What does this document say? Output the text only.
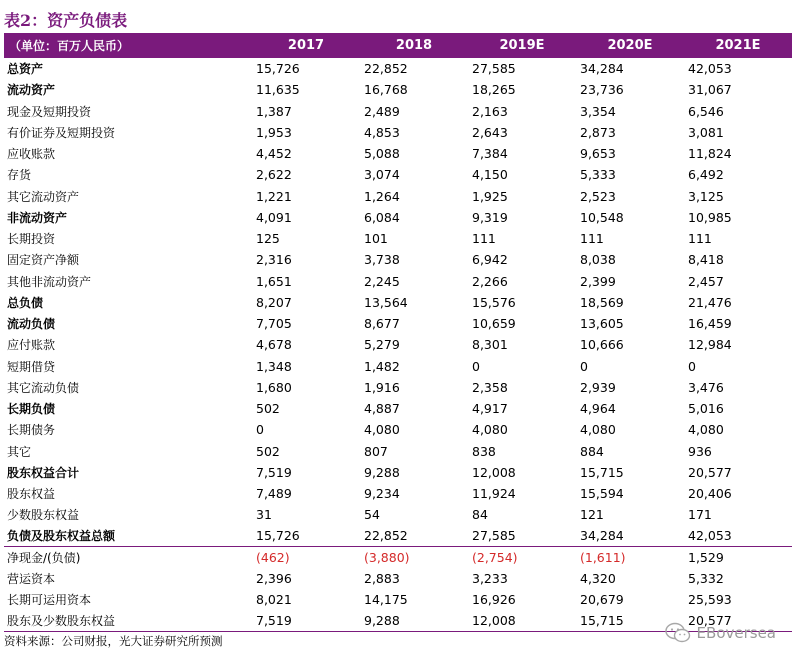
表2：资产负债表
（单位：百万人民币）	2017	2018	2019E	2020E	2021E
总资产	15,726	22,852	27,585	34,284	42,053
流动资产	11,635	16,768	18,265	23,736	31,067
现金及短期投资	1,387	2,489	2,163	3,354	6,546
有价证券及短期投资	1,953	4,853	2,643	2,873	3,081
应收账款	4,452	5,088	7,384	9,653	11,824
存货	2,622	3,074	4,150	5,333	6,492
其它流动资产	1,221	1,264	1,925	2,523	3,125
非流动资产	4,091	6,084	9,319	10,548	10,985
长期投资	125	101	111	111	111
固定资产净额	2,316	3,738	6,942	8,038	8,418
其他非流动资产	1,651	2,245	2,266	2,399	2,457
总负债	8,207	13,564	15,576	18,569	21,476
流动负债	7,705	8,677	10,659	13,605	16,459
应付账款	4,678	5,279	8,301	10,666	12,984
短期借贷	1,348	1,482	0	0	0
其它流动负债	1,680	1,916	2,358	2,939	3,476
长期负债	502	4,887	4,917	4,964	5,016
长期债务	0	4,080	4,080	4,080	4,080
其它	502	807	838	884	936
股东权益合计	7,519	9,288	12,008	15,715	20,577
股东权益	7,489	9,234	11,924	15,594	20,406
少数股东权益	31	54	84	121	171
负债及股东权益总额	15,726	22,852	27,585	34,284	42,053
净现金/(负债)	(462)	(3,880)	(2,754)	(1,611)	1,529
营运资本	2,396	2,883	3,233	4,320	5,332
长期可运用资本	8,021	14,175	16,926	20,679	25,593
股东及少数股东权益	7,519	9,288	12,008	15,715	20,577
资料来源：公司财报，光大证券研究所预测	EBoversea
